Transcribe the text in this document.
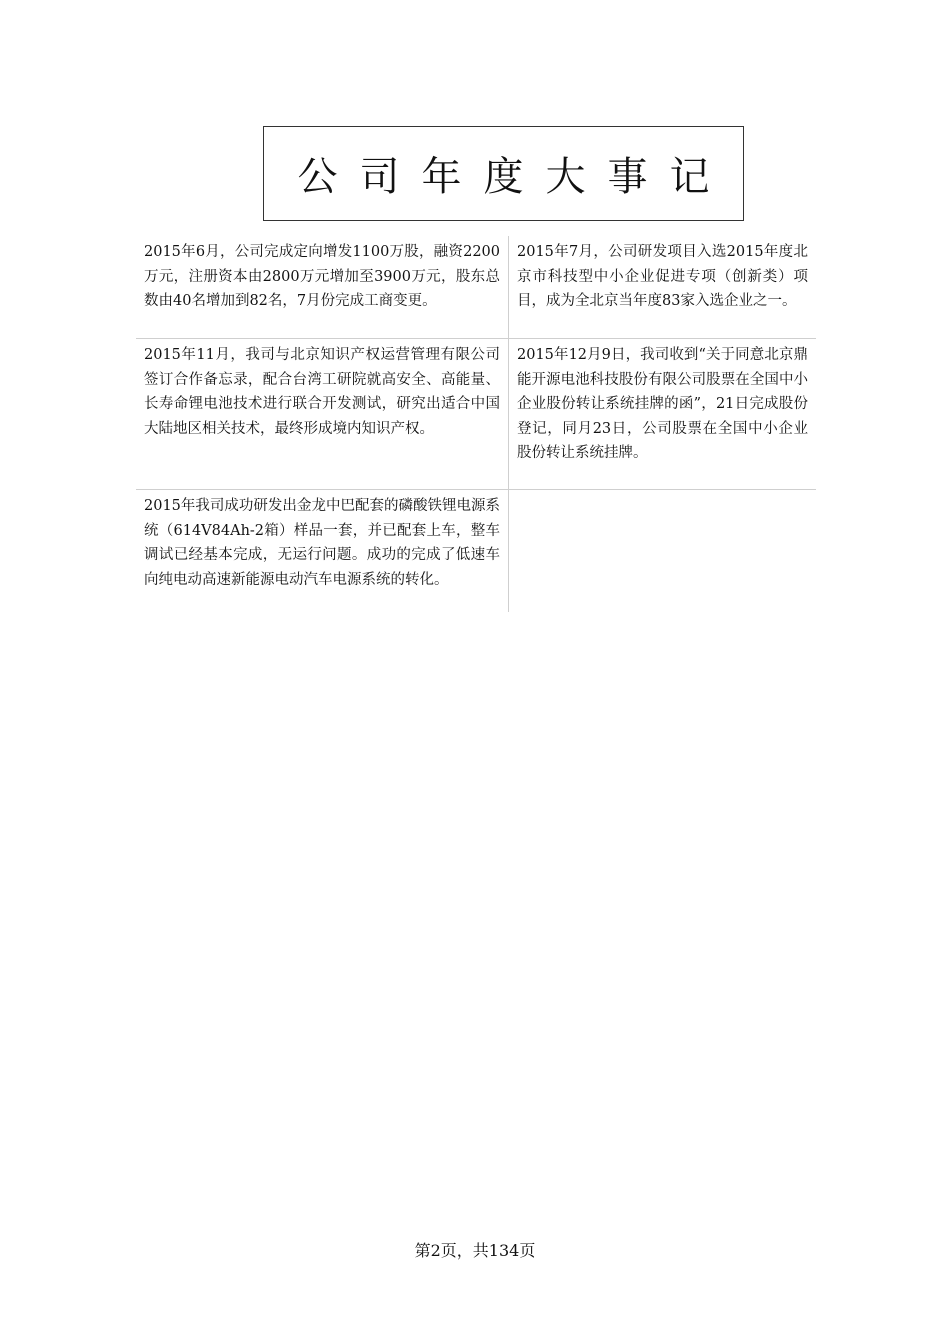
公司年度大事记
2015年6月，公司完成定向增发1100万股，融资2200万元，注册资本由2800万元增加至3900万元，股东总数由40名增加到82名，7月份完成工商变更。
2015年7月，公司研发项目入选2015年度北京市科技型中小企业促进专项（创新类）项目，成为全北京当年度83家入选企业之一。
2015年11月，我司与北京知识产权运营管理有限公司签订合作备忘录，配合台湾工研院就高安全、高能量、长寿命锂电池技术进行联合开发测试，研究出适合中国大陆地区相关技术，最终形成境内知识产权。
2015年12月9日，我司收到“关于同意北京鼎能开源电池科技股份有限公司股票在全国中小企业股份转让系统挂牌的函”，21日完成股份登记，同月23日，公司股票在全国中小企业股份转让系统挂牌。
2015年我司成功研发出金龙中巴配套的磷酸铁锂电源系统（614V84Ah-2箱）样品一套，并已配套上车，整车调试已经基本完成，无运行问题。成功的完成了低速车向纯电动高速新能源电动汽车电源系统的转化。
第2页，共134页
